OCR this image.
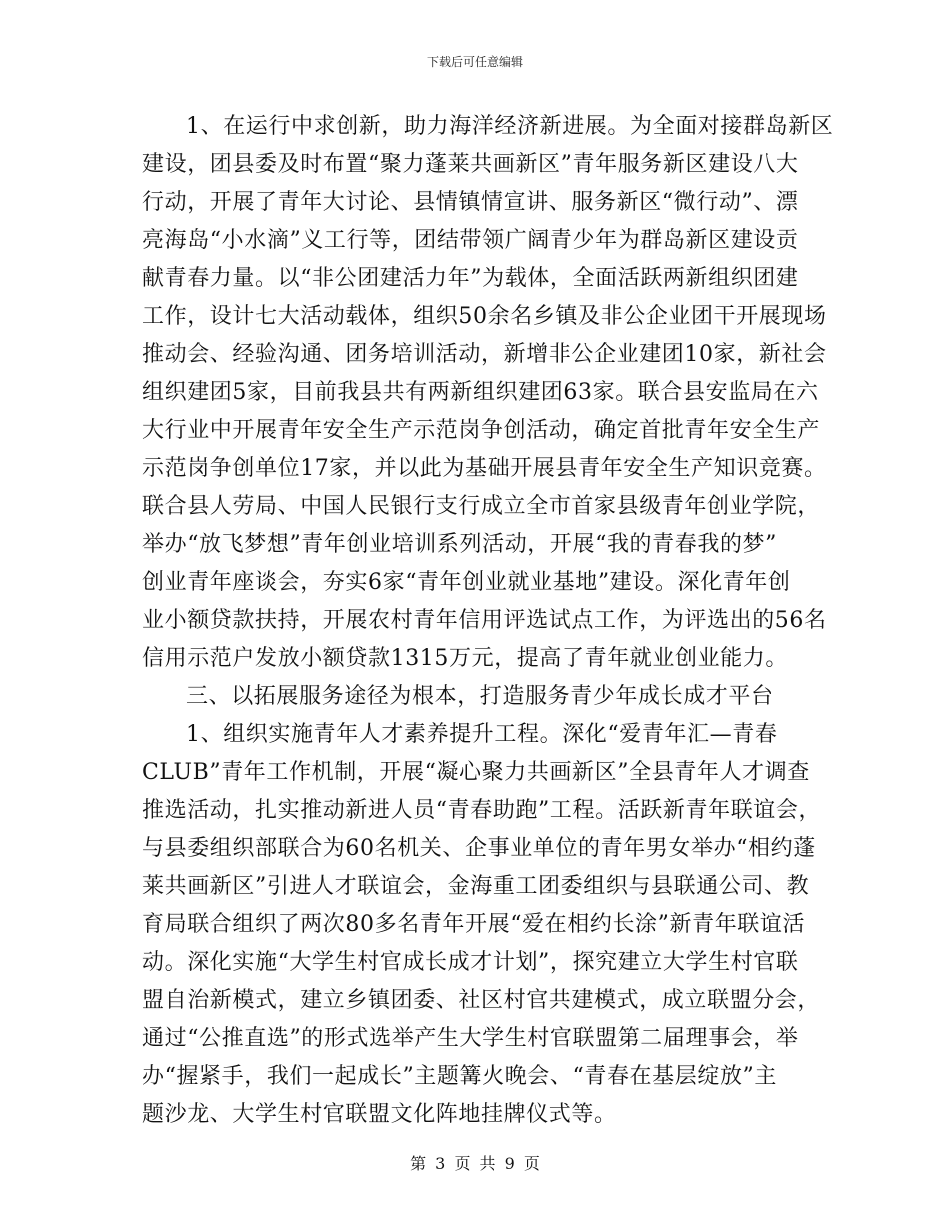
下载后可任意编辑
1、在运行中求创新，助力海洋经济新进展。为全面对接群岛新区
建设，团县委及时布置“聚力蓬莱共画新区”青年服务新区建设八大
行动，开展了青年大讨论、县情镇情宣讲、服务新区“微行动”、漂
亮海岛“小水滴”义工行等，团结带领广阔青少年为群岛新区建设贡
献青春力量。以“非公团建活力年”为载体，全面活跃两新组织团建
工作，设计七大活动载体，组织50余名乡镇及非公企业团干开展现场
推动会、经验沟通、团务培训活动，新增非公企业建团10家，新社会
组织建团5家，目前我县共有两新组织建团63家。联合县安监局在六
大行业中开展青年安全生产示范岗争创活动，确定首批青年安全生产
示范岗争创单位17家，并以此为基础开展县青年安全生产知识竞赛。
联合县人劳局、中国人民银行支行成立全市首家县级青年创业学院，
举办“放飞梦想”青年创业培训系列活动，开展“我的青春我的梦”
创业青年座谈会，夯实6家“青年创业就业基地”建设。深化青年创
业小额贷款扶持，开展农村青年信用评选试点工作，为评选出的56名
信用示范户发放小额贷款1315万元，提高了青年就业创业能力。
三、以拓展服务途径为根本，打造服务青少年成长成才平台
1、组织实施青年人才素养提升工程。深化“爱青年汇—青春
CLUB”青年工作机制，开展“凝心聚力共画新区”全县青年人才调查
推选活动，扎实推动新进人员“青春助跑”工程。活跃新青年联谊会，
与县委组织部联合为60名机关、企事业单位的青年男女举办“相约蓬
莱共画新区”引进人才联谊会，金海重工团委组织与县联通公司、教
育局联合组织了两次80多名青年开展“爱在相约长涂”新青年联谊活
动。深化实施“大学生村官成长成才计划”，探究建立大学生村官联
盟自治新模式，建立乡镇团委、社区村官共建模式，成立联盟分会，
通过“公推直选”的形式选举产生大学生村官联盟第二届理事会，举
办“握紧手，我们一起成长”主题篝火晚会、“青春在基层绽放”主
题沙龙、大学生村官联盟文化阵地挂牌仪式等。
第 3 页 共 9 页
